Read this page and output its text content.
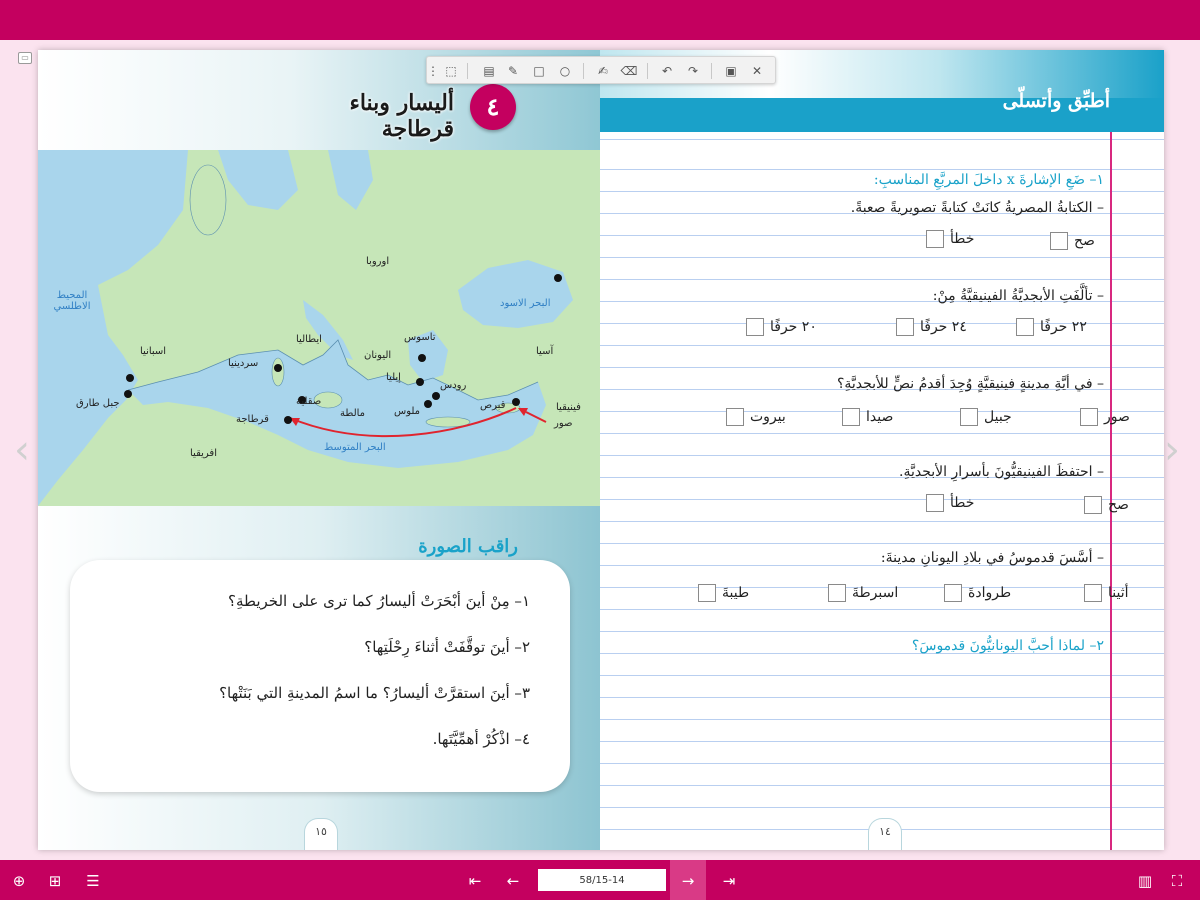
▭
‹	›
أليسار وبناء قرطاجة
٤
اوروبا
المحيط الاطلسي	البحر الاسود
آسيا
اسبانيا
سردينيا
ايطاليا
اليونان
تاسوس
إيليا
رودس
صقلية
مالطة	ملوس
قبرص	فينيقيا
صور
جبل طارق
قرطاجة
افريقيا
البحر المتوسط
راقب الصورة
١– مِنْ أينَ أبْحَرَتْ أليسارُ كما ترى على الخريطةِ؟
٢– أينَ توقَّفَتْ أثناءَ رِحْلَتِها؟
٣– أينَ استقرَّتْ أليسارُ؟ ما اسمُ المدينةِ التي بَنَتْها؟
٤– اذْكُرْ أهمِّيَّتَها.
١٥
أطبِّق وأتسلّى
١– ضَعِ الإشارةَ x داخلَ المربَّعِ المناسبِ:
– الكتابةُ المصريةُ كانَتْ كتابةً تصويريةً صعبةً.
صح
خطأ
– تألَّفَتِ الأبجديَّةُ الفينيقيَّةُ مِنْ:
٢٢ حرفًا
٢٤ حرفًا
٢٠ حرفًا
– في أيَّةِ مدينةٍ فينيقيَّةٍ وُجِدَ أقدمُ نصٍّ للأبجديَّةِ؟
صور
جبيل
صيدا
بيروت
– احتفظَ الفينيقيُّونَ بأسرارِ الأبجديَّةِ.
صح
خطأ
– أسَّسَ قدموسُ في بلادِ اليونانِ مدينةَ:
أثينا
طروادةَ
اسبرطةَ
طيبةَ
٢– لماذا أحبَّ اليونانيُّونَ قدموسَ؟
١٤
⋮ ⬚	▤	✎	□	○	✍	⌫	↶	↷	▣	✕
⊕	⊞	☰	⇤	←
58/15-14	→	⇥	▥	⛶
